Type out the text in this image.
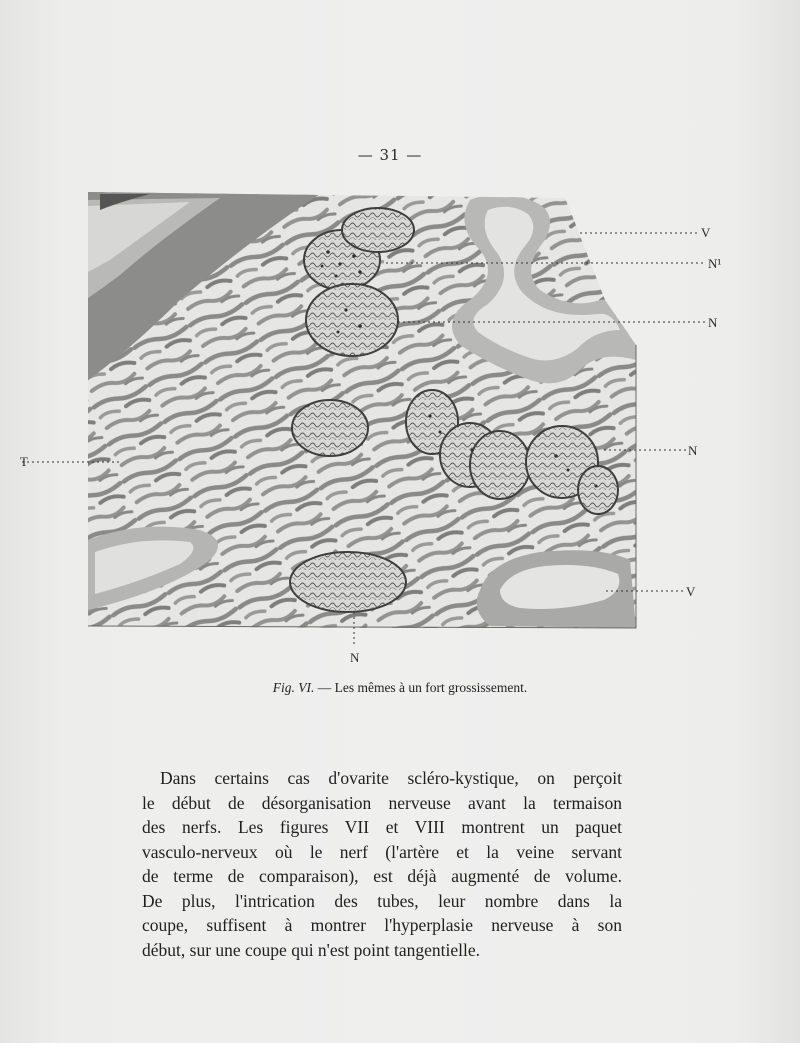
— 31 —
V
N¹
N
N
T
V
N
Fig. VI. — Les mêmes à un fort grossissement.
Dans certains cas d'ovarite scléro-kystique, on perçoit
le début de désorganisation nerveuse avant la termaison
des nerfs. Les figures VII et VIII montrent un paquet
vasculo-nerveux où le nerf (l'artère et la veine servant
de terme de comparaison), est déjà augmenté de volume.
De plus, l'intrication des tubes, leur nombre dans la
coupe, suffisent à montrer l'hyperplasie nerveuse à son
début, sur une coupe qui n'est point tangentielle.
